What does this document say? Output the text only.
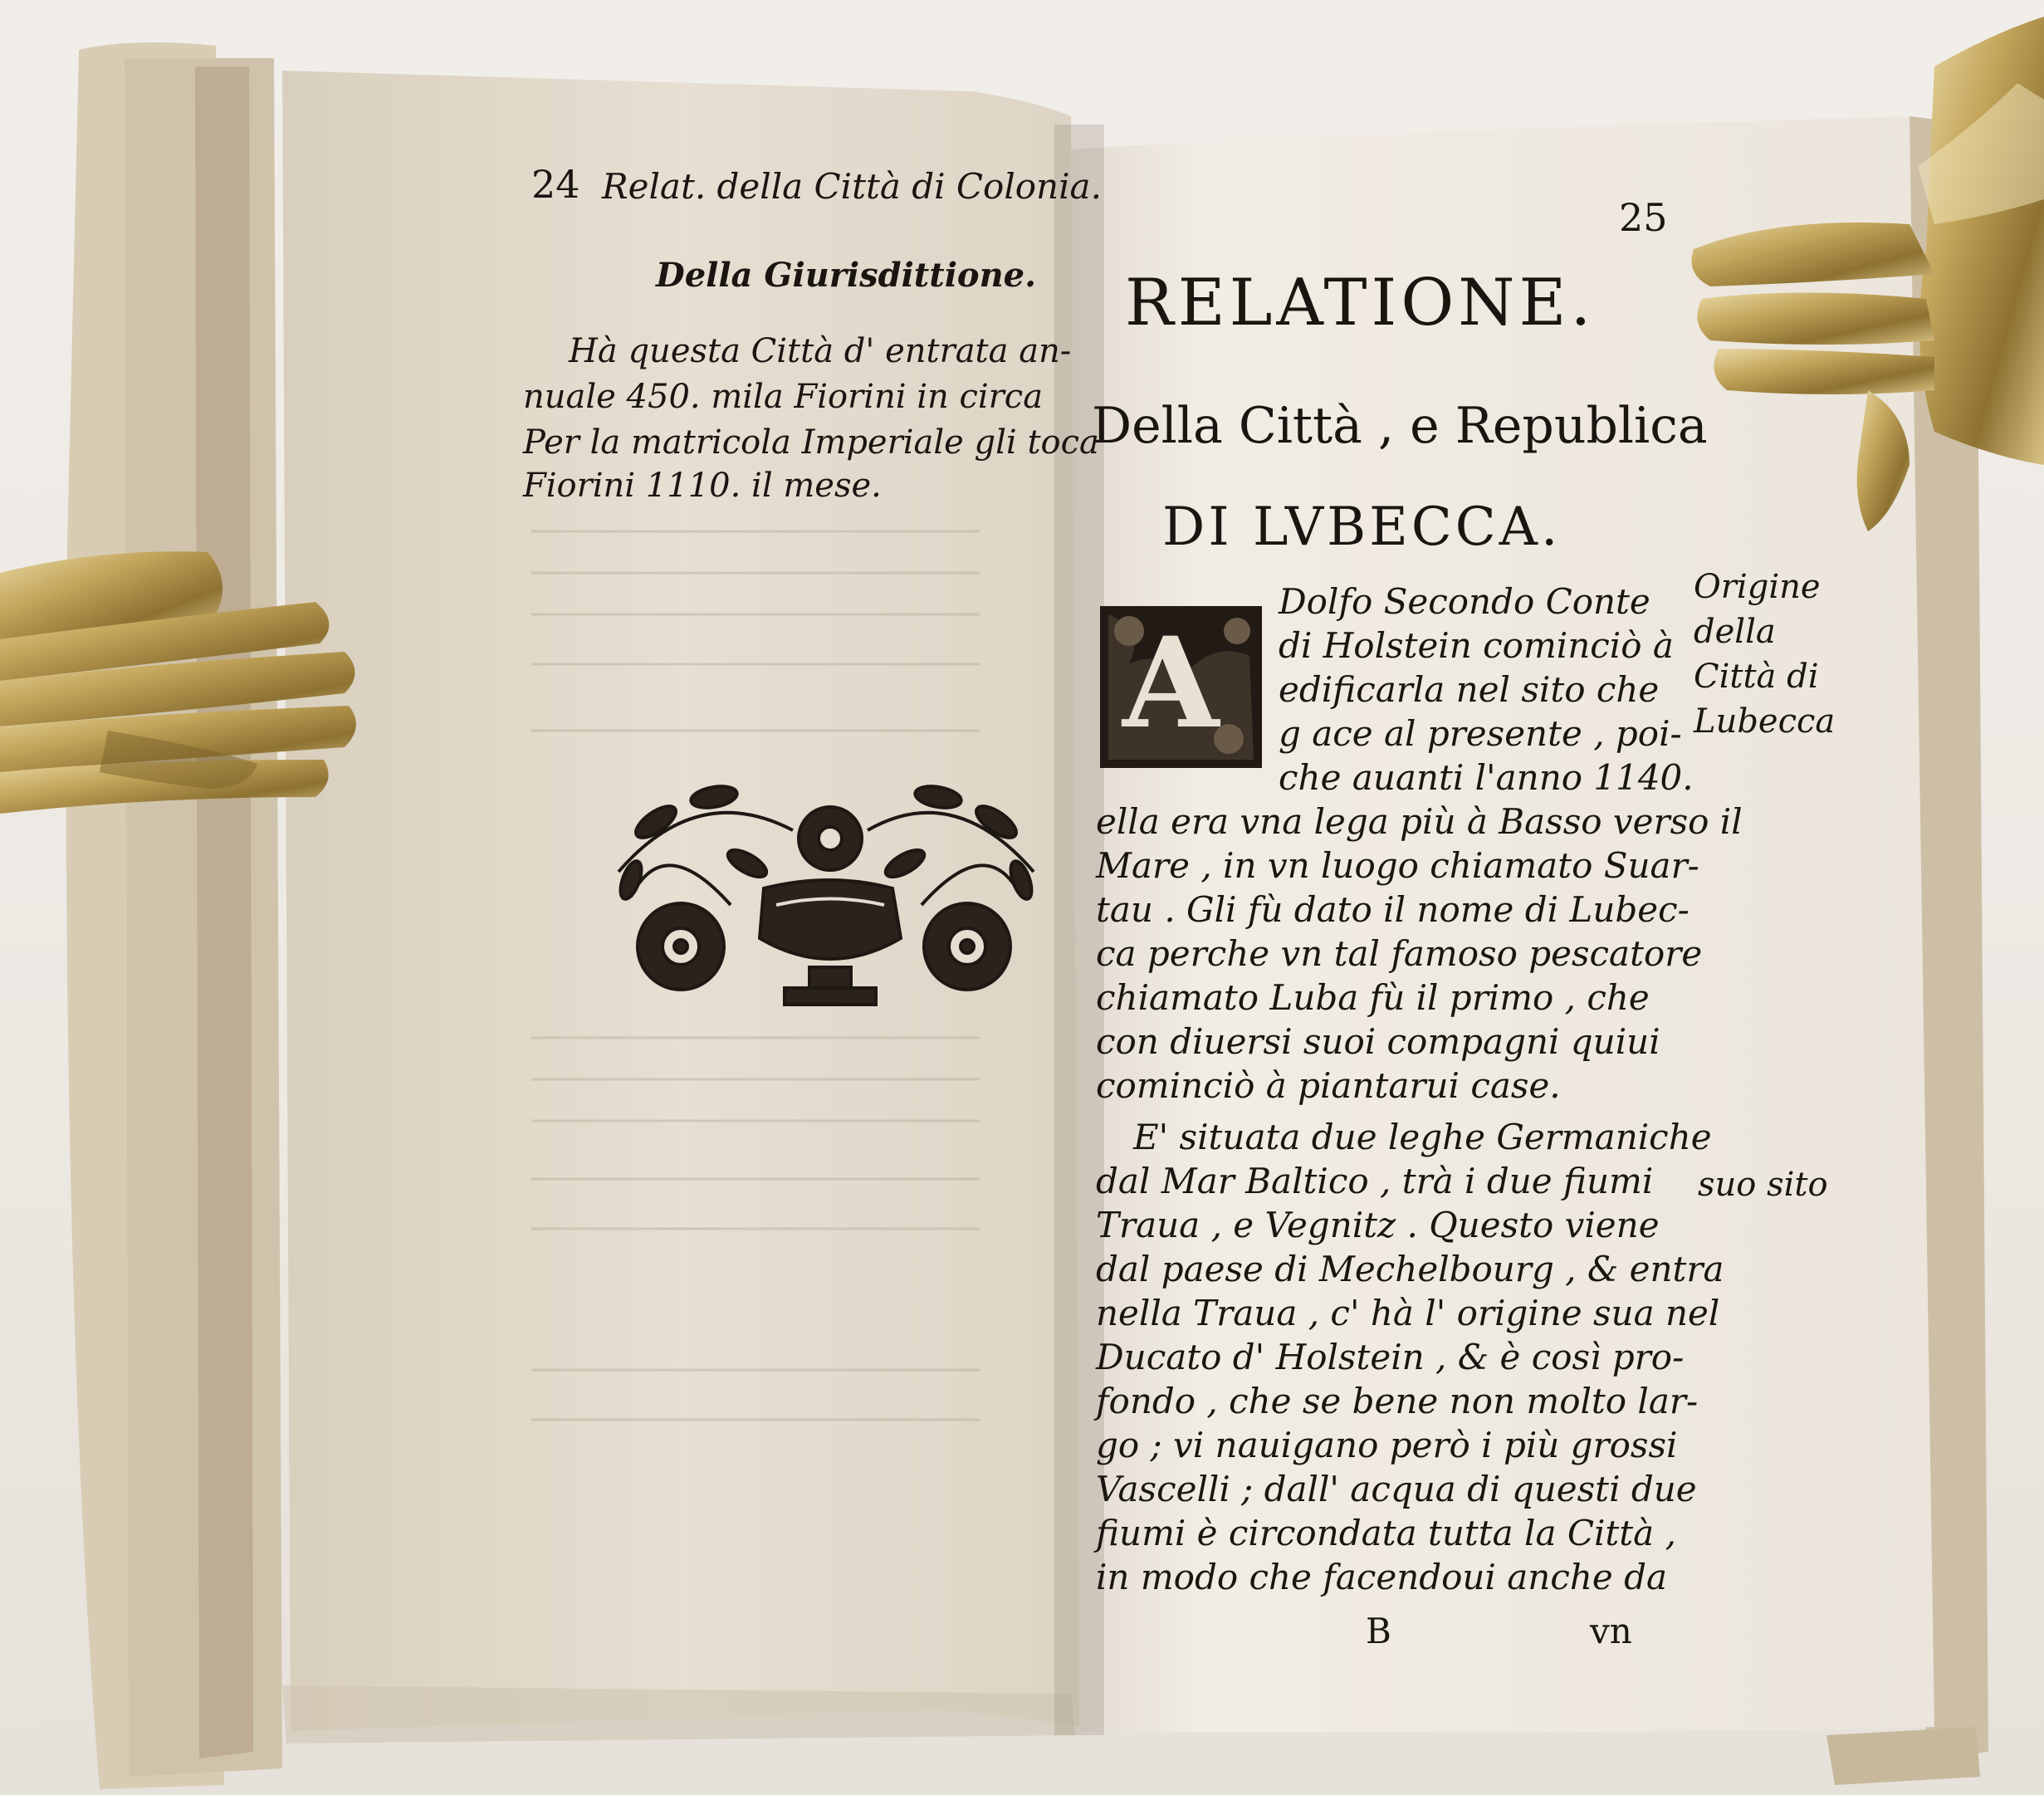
24 Relat. della Città di Colonia.
Della Giurisdittione.
Hà questa Città d' entrata an-
nuale 450. mila Fiorini in circa
Per la matricola Imperiale gli toca
Fiorini 1110. il mese.
25
RELATIONE.
Della Città , e Republica
DI LVBECCA.
A
Dolfo Secondo Conte
di Holstein cominciò à
edificarla nel sito che
g ace al presente , poi-
che auanti l'anno 1140.
ella era vna lega più à Basso verso il
Mare , in vn luogo chiamato Suar-
tau . Gli fù dato il nome di Lubec-
ca perche vn tal famoso pescatore
chiamato Luba fù il primo , che
con diuersi suoi compagni quiui
cominciò à piantarui case.
E' situata due leghe Germaniche
dal Mar Baltico , trà i due fiumi
Traua , e Vegnitz . Questo viene
dal paese di Mechelbourg , & entra
nella Traua , c' hà l' origine sua nel
Ducato d' Holstein , & è così pro-
fondo , che se bene non molto lar-
go ; vi nauigano però i più grossi
Vascelli ; dall' acqua di questi due
fiumi è circondata tutta la Città ,
in modo che facendoui anche da
B	vn
Origine
della
Città di
Lubecca
suo sito
